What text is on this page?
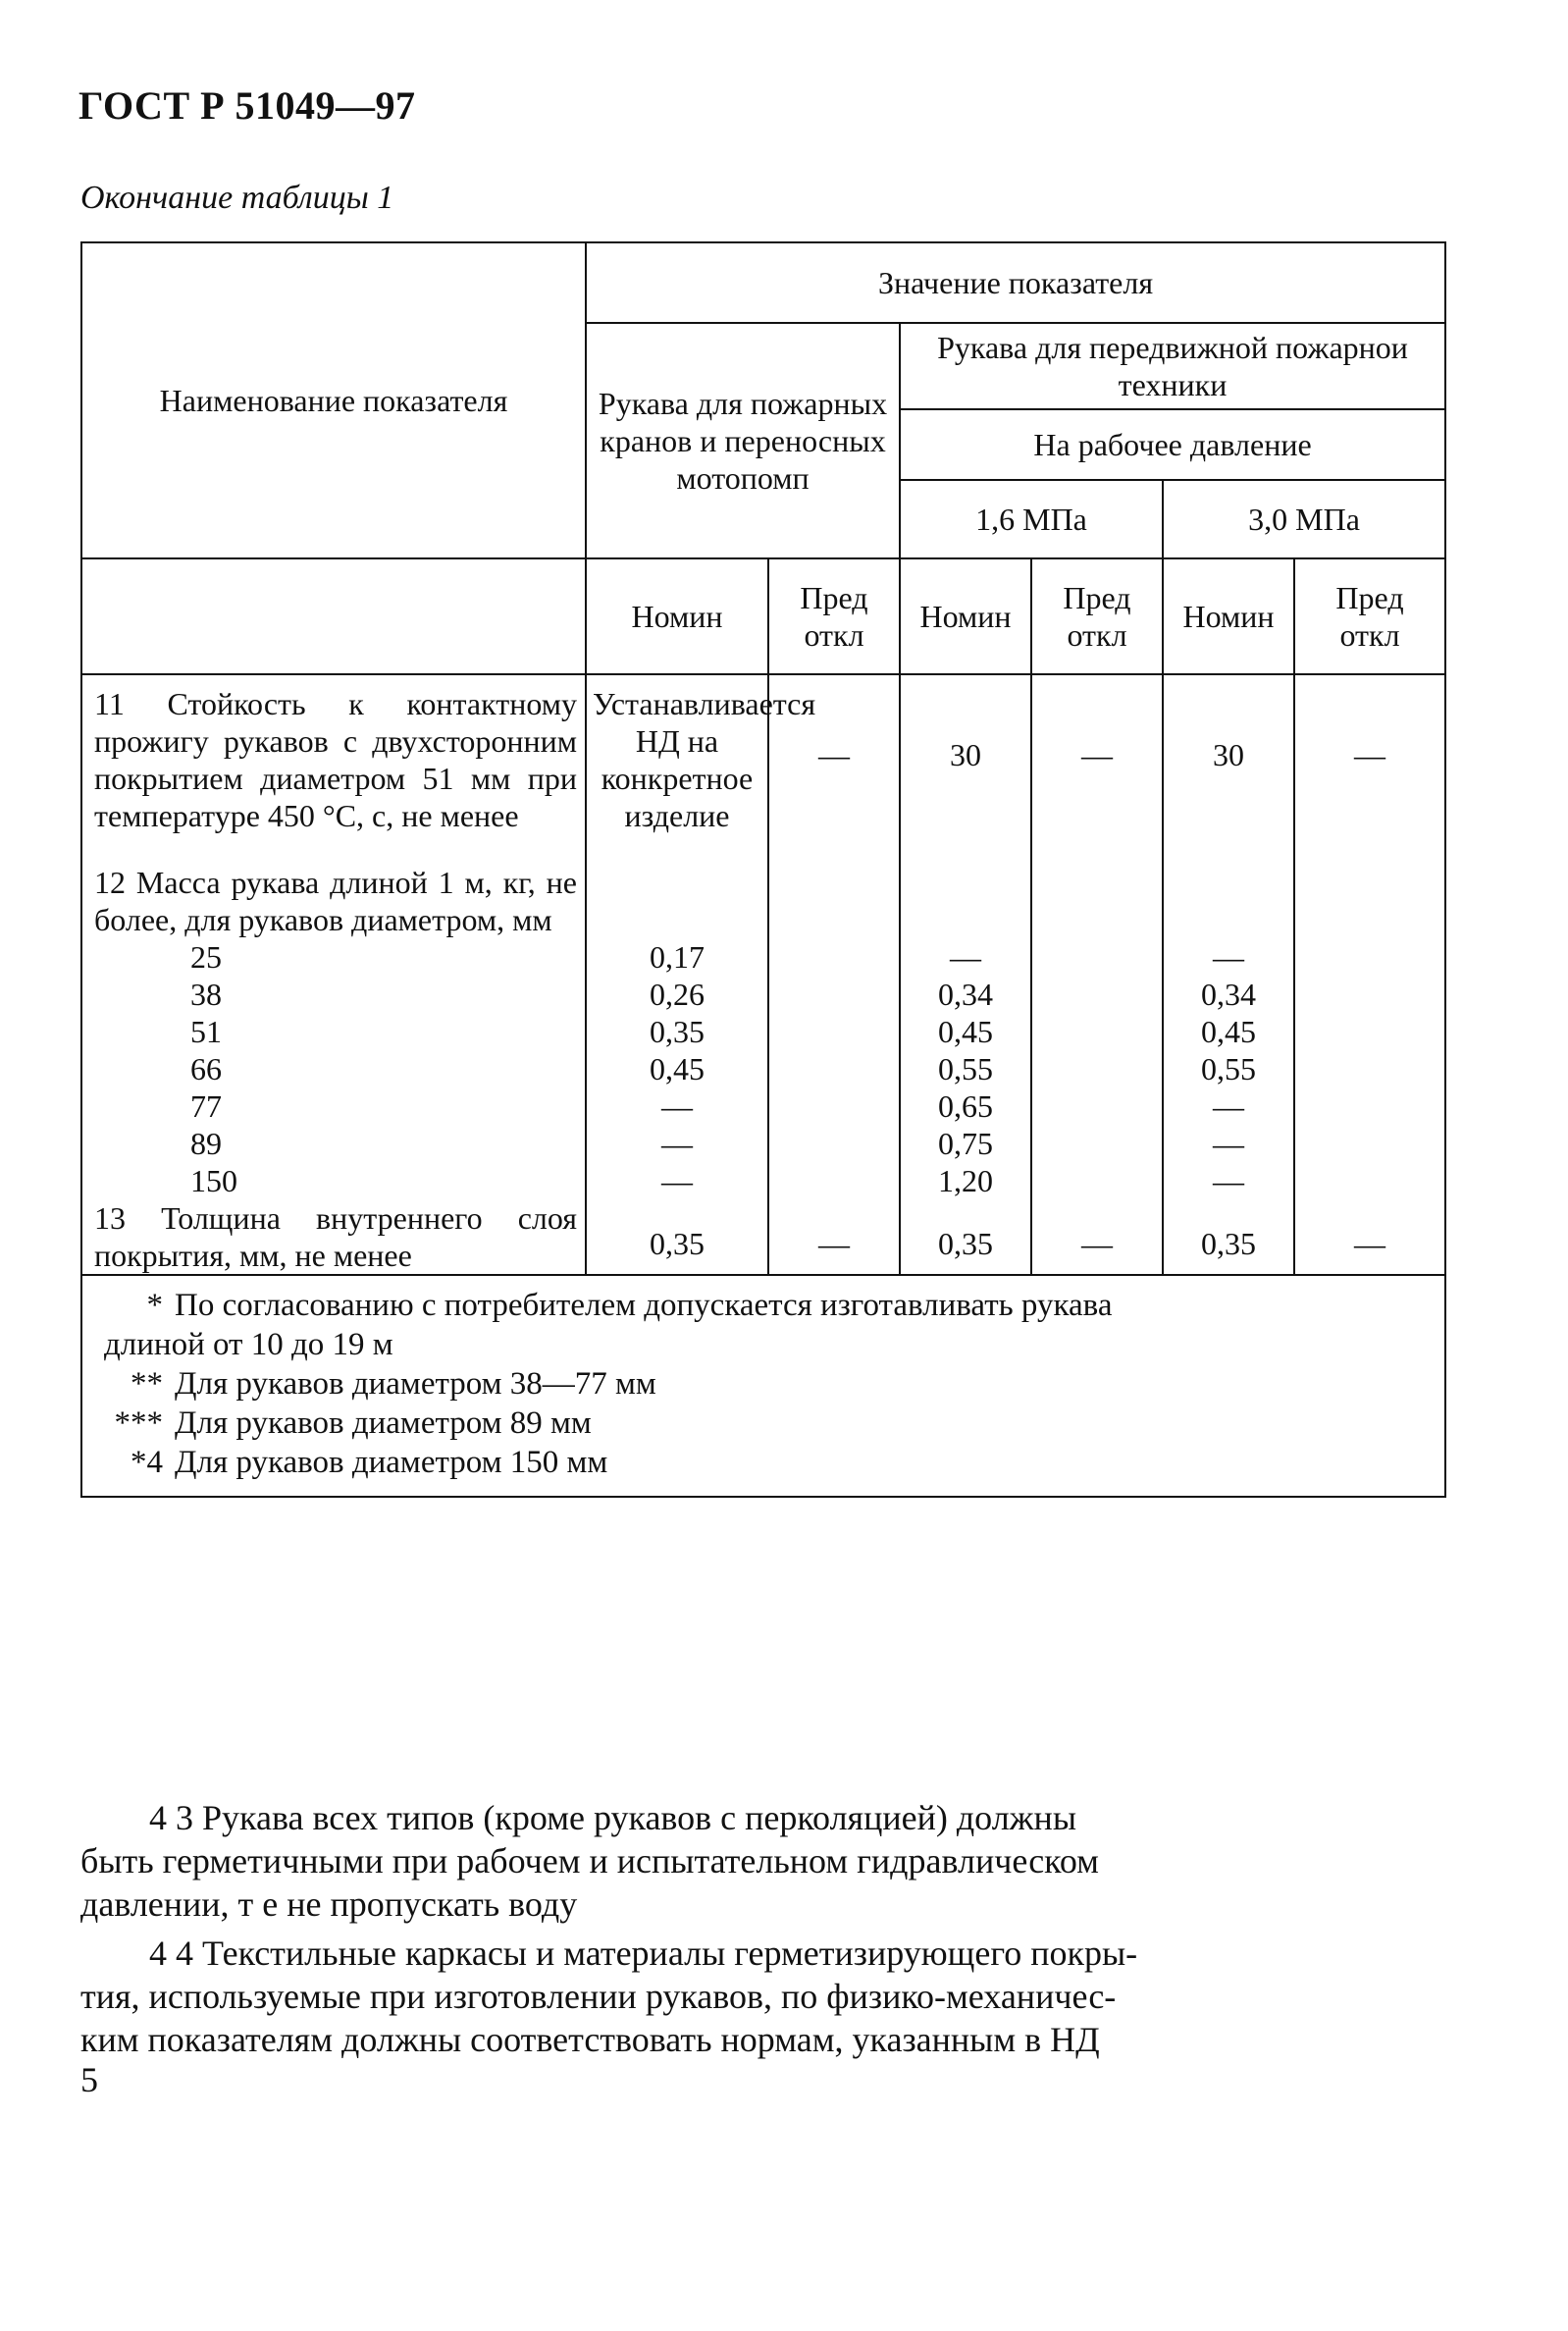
ГОСТ Р 51049—97
Окончание таблицы 1
Наименование показателя	Значение показателя					
	Рукава для пожарных кранов и переносных мотопомп		Рукава для передвижной пожарнои техники			
			На рабочее давление			
			1,6 МПа		3,0 МПа	
	Номин	Пред откл	Номин	Пред откл	Номин	Пред откл

11 Стойкость к контактному прожигу рукавов с двухсторонним покрытием диаметром 51 мм при температуре 450 °С, с, не менее	Устанавливается НД на конкретное изделие	—	30	—	30	—

12 Масса рукава длиной 1 м, кг, не более, для рукавов диаметром, мм						

25	0,17		—		—	
38	0,26		0,34		0,34	
51	0,35		0,45		0,45	
66	0,45		0,55		0,55	
77	—		0,65		—	
89	—		0,75		—	
150	—		1,20		—	

13 Толщина внутреннего слоя покрытия, мм, не менее	0,35	—	0,35	—	0,35	—

* По согласованию с потребителем допускается изготавливать рукава
длиной от 10 до 19 м
** Для рукавов диаметром 38—77 мм
*** Для рукавов диаметром 89 мм
*4 Для рукавов диаметром 150 мм						
4 3 Рукава всех типов (кроме рукавов с перколяцией) должны
быть герметичными при рабочем и испытательном гидравлическом
давлении, т е не пропускать воду
4 4 Текстильные каркасы и материалы герметизирующего покры-
тия, используемые при изготовлении рукавов, по физико-механичес-
ким показателям должны соответствовать нормам, указанным в НД
5
